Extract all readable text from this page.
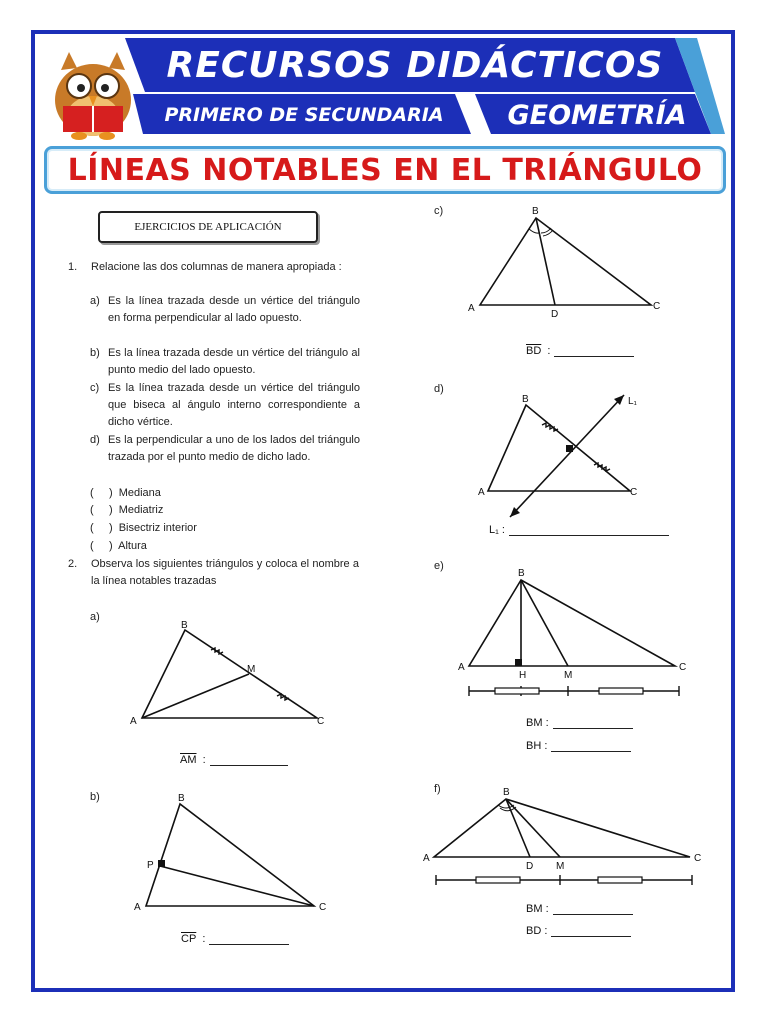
RECURSOS DIDÁCTICOS
PRIMERO DE SECUNDARIA GEOMETRÍA
LÍNEAS NOTABLES EN EL TRIÁNGULO
EJERCICIOS DE APLICACIÓN
1. Relacione las dos columnas de manera apropiada :
a) Es la línea trazada desde un vértice del triángulo en forma perpendicular al lado opuesto.
b) Es la línea trazada desde un vértice del triángulo al punto medio del lado opuesto.
c) Es la línea trazada desde un vértice del triángulo que biseca al ángulo interno correspondiente a dicho vértice.
d) Es la perpendicular a uno de los lados del triángulo trazada por el punto medio de dicho lado.
(     )  Mediana
(     )  Mediatriz
(     )  Bisectriz interior
(     )  Altura
2. Observa los siguientes triángulos y coloca el nombre a la línea notables trazadas
a)
B
M
A	C
$\overline{AM}$ :
b)	B
P
A	C
$\overline{CP}$ :
c)	B
A
D
C
$\overline{BD}$ :
d)
B
A	C
L₁
L₁ :
e)
B
A
H	M
C
BM :
BH :
f)	B
A
D M
C
BM :
BD :
